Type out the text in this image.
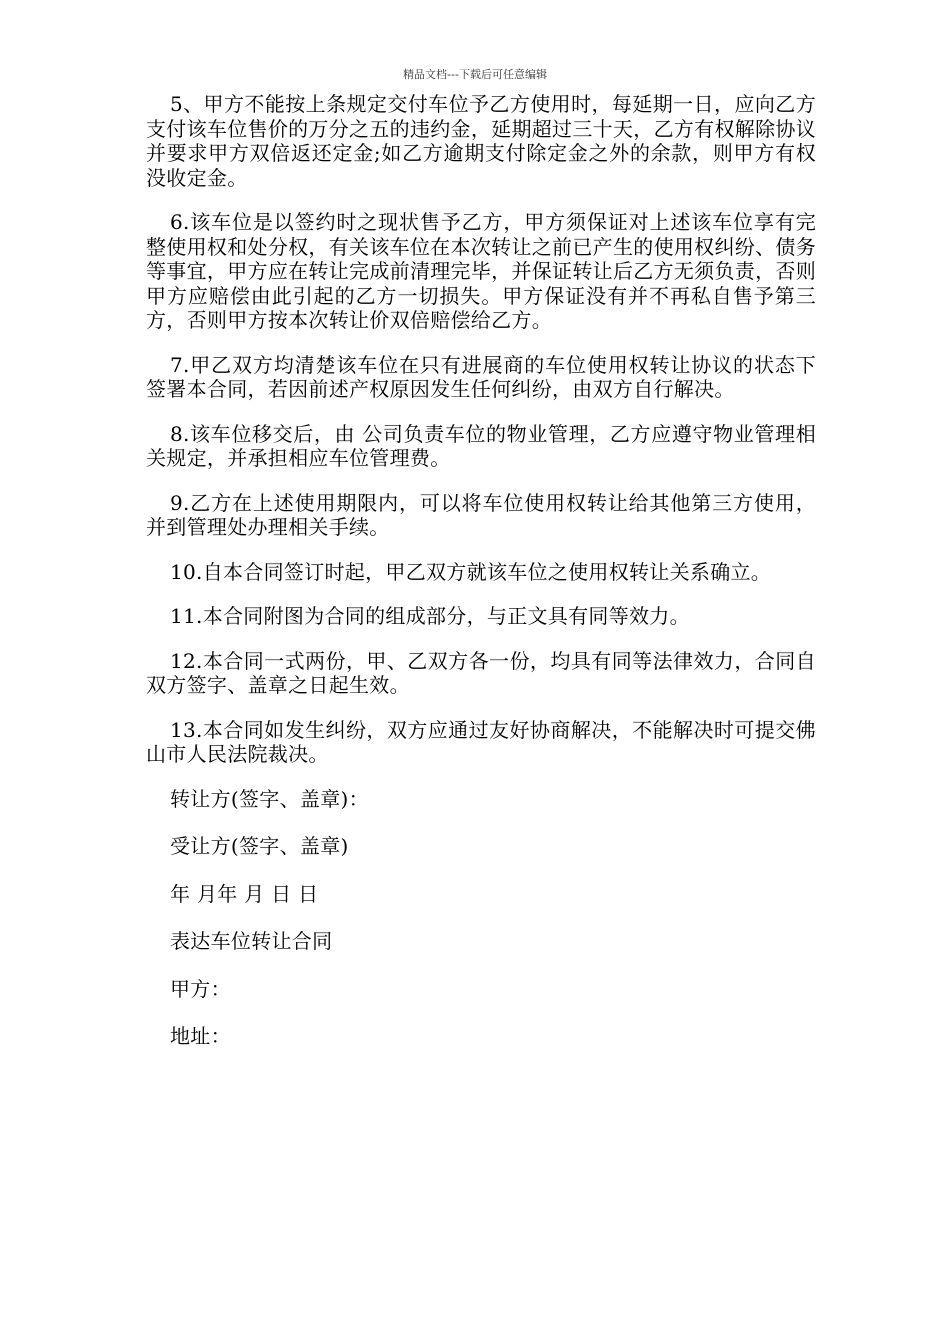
精品文档---下载后可任意编辑

5、甲方不能按上条规定交付车位予乙方使用时，每延期一日，应向乙方支付该车位售价的万分之五的违约金，延期超过三十天，乙方有权解除协议并要求甲方双倍返还定金;如乙方逾期支付除定金之外的余款，则甲方有权没收定金。

6.该车位是以签约时之现状售予乙方，甲方须保证对上述该车位享有完整使用权和处分权，有关该车位在本次转让之前已产生的使用权纠纷、债务等事宜，甲方应在转让完成前清理完毕，并保证转让后乙方无须负责，否则甲方应赔偿由此引起的乙方一切损失。甲方保证没有并不再私自售予第三方，否则甲方按本次转让价双倍赔偿给乙方。

7.甲乙双方均清楚该车位在只有进展商的车位使用权转让协议的状态下签署本合同，若因前述产权原因发生任何纠纷，由双方自行解决。

8.该车位移交后，由 公司负责车位的物业管理，乙方应遵守物业管理相关规定，并承担相应车位管理费。

9.乙方在上述使用期限内，可以将车位使用权转让给其他第三方使用，并到管理处办理相关手续。

10.自本合同签订时起，甲乙双方就该车位之使用权转让关系确立。

11.本合同附图为合同的组成部分，与正文具有同等效力。

12.本合同一式两份，甲、乙双方各一份，均具有同等法律效力，合同自双方签字、盖章之日起生效。

13.本合同如发生纠纷，双方应通过友好协商解决，不能解决时可提交佛山市人民法院裁决。

转让方(签字、盖章)：

受让方(签字、盖章)

年 月年 月 日 日

表达车位转让合同

甲方：

地址：
